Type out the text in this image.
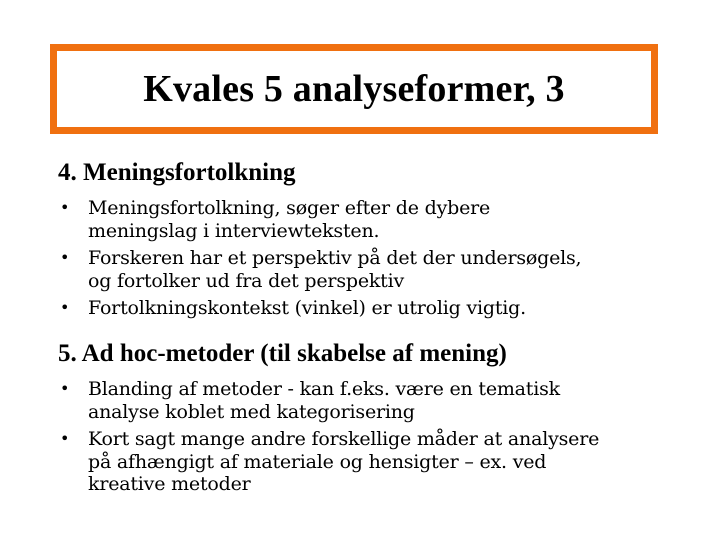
Kvales 5 analyseformer, 3
4. Meningsfortolkning
• Meningsfortolkning, søger efter de dybere
meningslag i interviewteksten.
• Forskeren har et perspektiv på det der undersøgels,
og fortolker ud fra det perspektiv
• Fortolkningskontekst (vinkel) er utrolig vigtig.
5. Ad hoc-metoder (til skabelse af mening)
• Blanding af metoder - kan f.eks. være en tematisk
analyse koblet med kategorisering
• Kort sagt mange andre forskellige måder at analysere
på afhængigt af materiale og hensigter – ex. ved
kreative metoder
